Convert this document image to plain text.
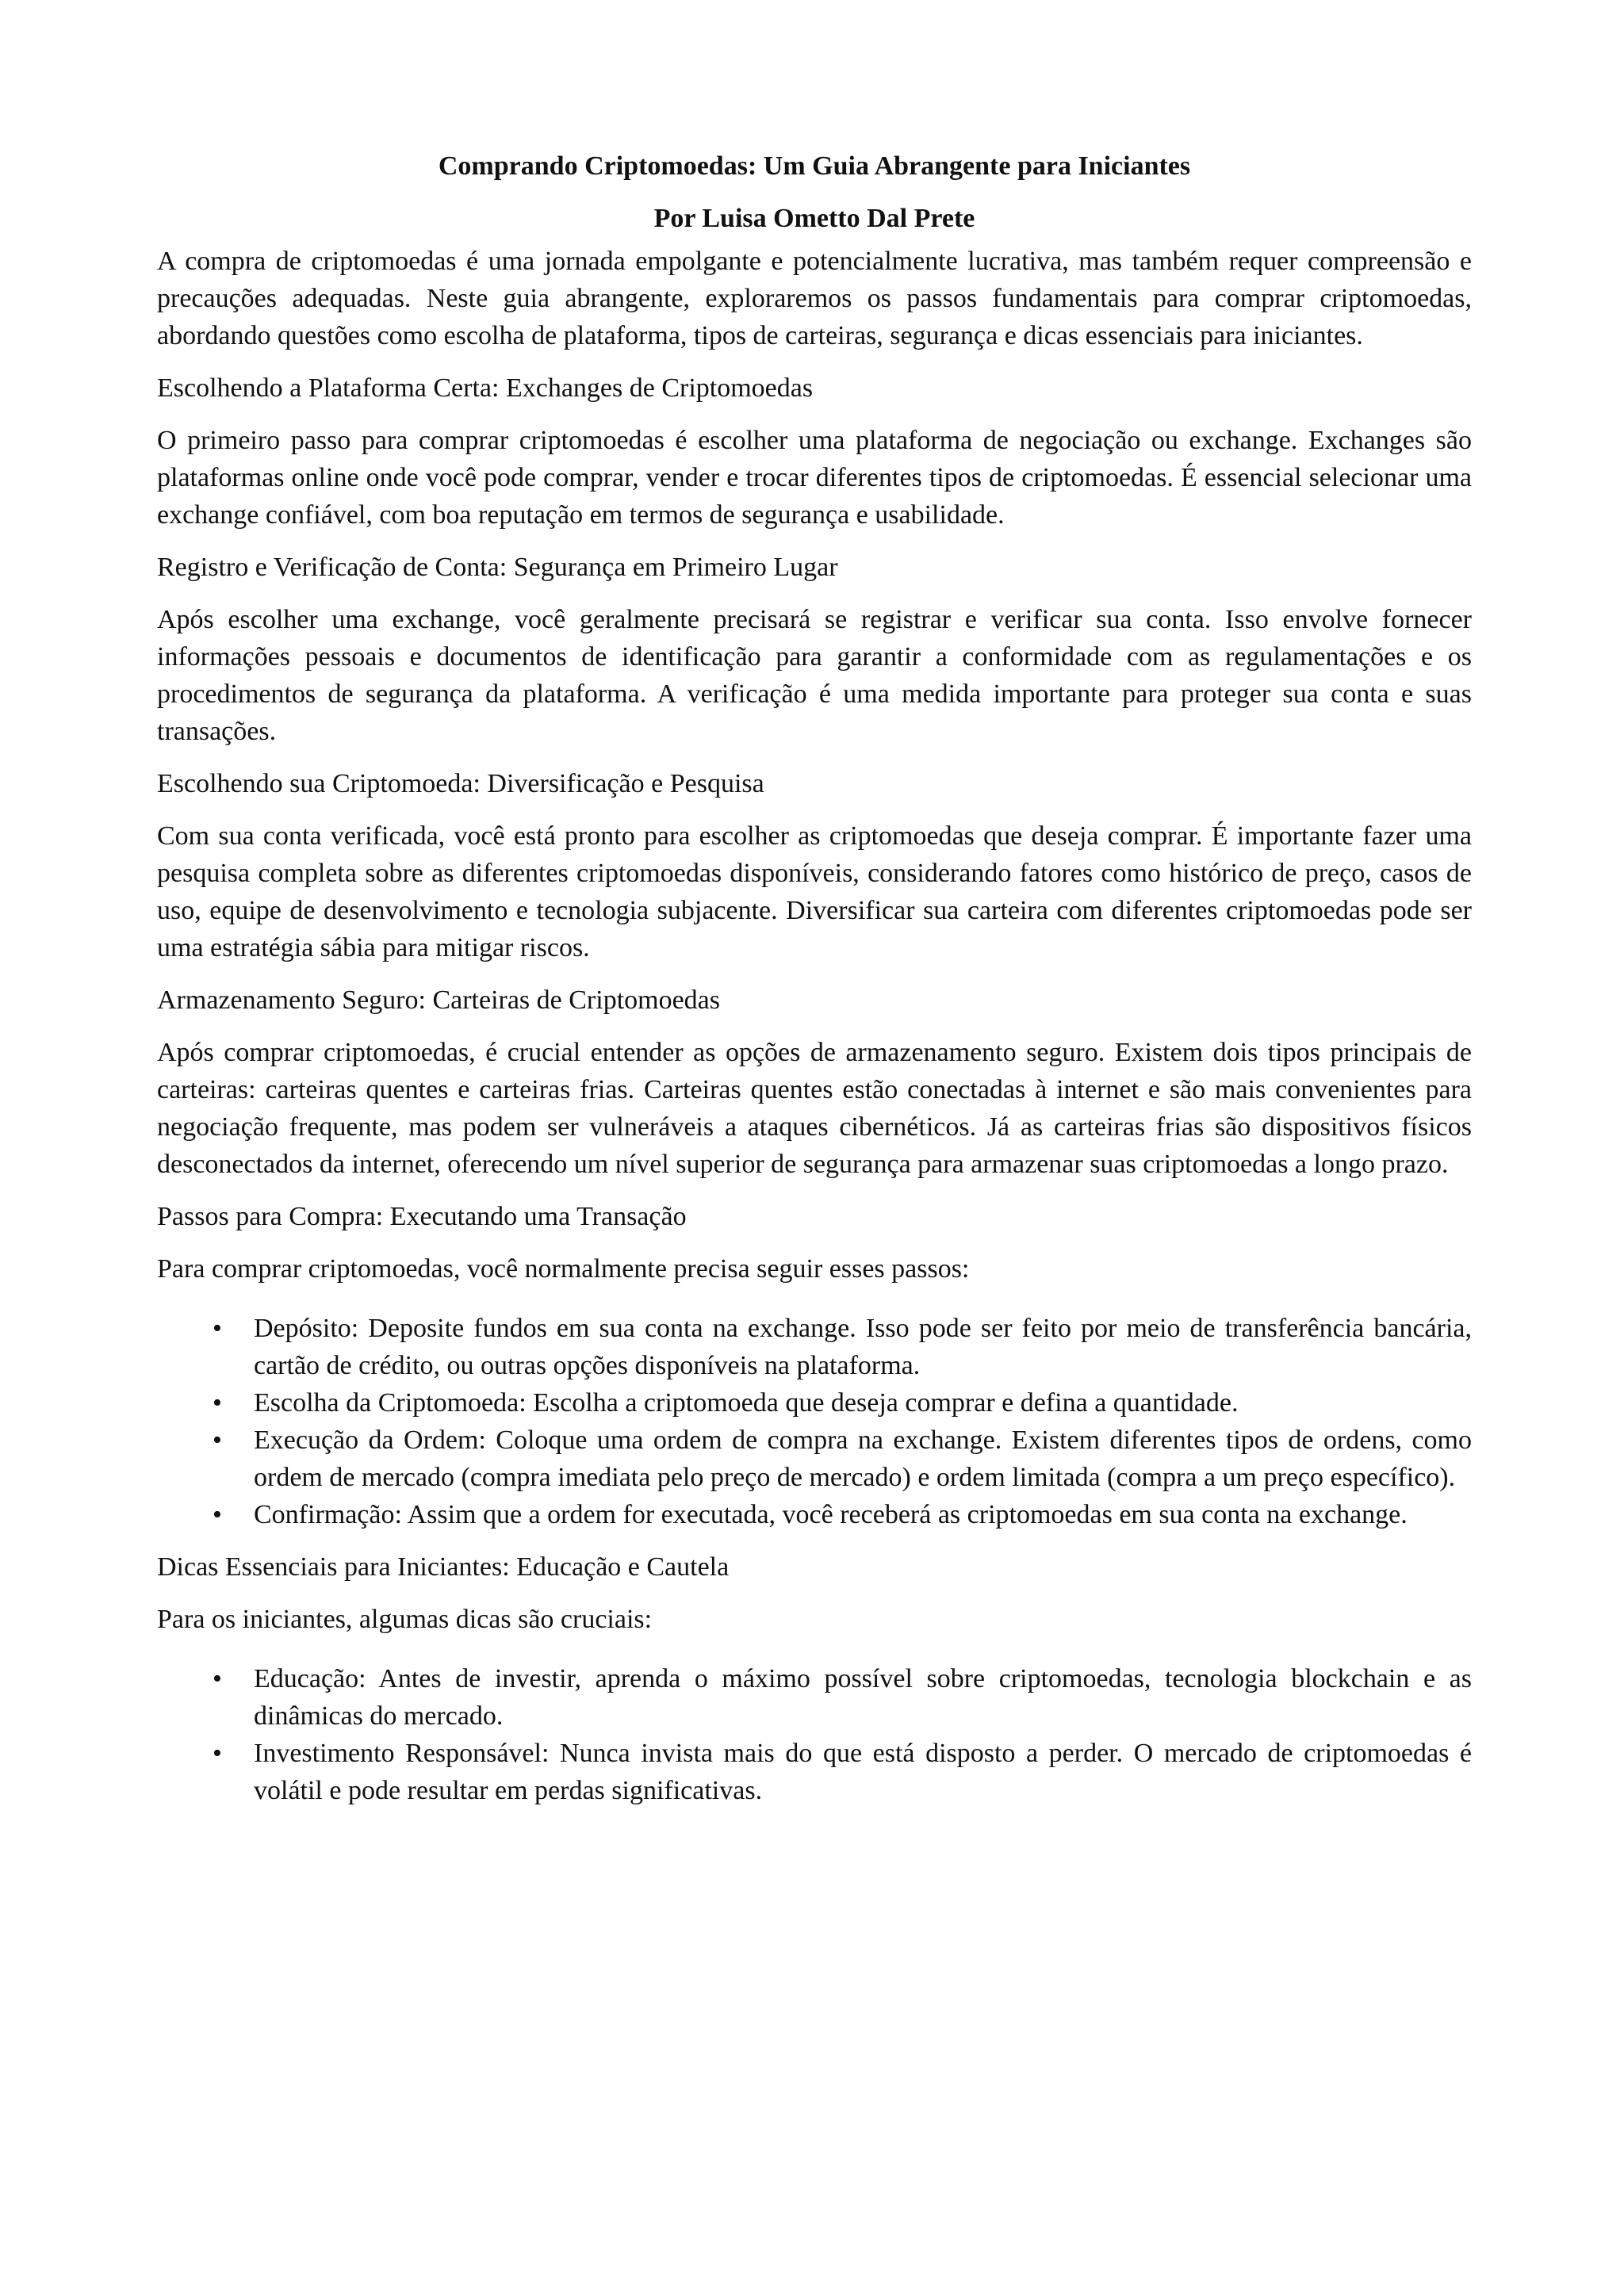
Comprando Criptomoedas: Um Guia Abrangente para Iniciantes

Por Luisa Ometto Dal Prete

A compra de criptomoedas é uma jornada empolgante e potencialmente lucrativa, mas também requer compreensão e precauções adequadas. Neste guia abrangente, exploraremos os passos fundamentais para comprar criptomoedas, abordando questões como escolha de plataforma, tipos de carteiras, segurança e dicas essenciais para iniciantes.

Escolhendo a Plataforma Certa: Exchanges de Criptomoedas

O primeiro passo para comprar criptomoedas é escolher uma plataforma de negociação ou exchange. Exchanges são plataformas online onde você pode comprar, vender e trocar diferentes tipos de criptomoedas. É essencial selecionar uma exchange confiável, com boa reputação em termos de segurança e usabilidade.

Registro e Verificação de Conta: Segurança em Primeiro Lugar

Após escolher uma exchange, você geralmente precisará se registrar e verificar sua conta. Isso envolve fornecer informações pessoais e documentos de identificação para garantir a conformidade com as regulamentações e os procedimentos de segurança da plataforma. A verificação é uma medida importante para proteger sua conta e suas transações.

Escolhendo sua Criptomoeda: Diversificação e Pesquisa

Com sua conta verificada, você está pronto para escolher as criptomoedas que deseja comprar. É importante fazer uma pesquisa completa sobre as diferentes criptomoedas disponíveis, considerando fatores como histórico de preço, casos de uso, equipe de desenvolvimento e tecnologia subjacente. Diversificar sua carteira com diferentes criptomoedas pode ser uma estratégia sábia para mitigar riscos.

Armazenamento Seguro: Carteiras de Criptomoedas

Após comprar criptomoedas, é crucial entender as opções de armazenamento seguro. Existem dois tipos principais de carteiras: carteiras quentes e carteiras frias. Carteiras quentes estão conectadas à internet e são mais convenientes para negociação frequente, mas podem ser vulneráveis a ataques cibernéticos. Já as carteiras frias são dispositivos físicos desconectados da internet, oferecendo um nível superior de segurança para armazenar suas criptomoedas a longo prazo.

Passos para Compra: Executando uma Transação

Para comprar criptomoedas, você normalmente precisa seguir esses passos:

• Depósito: Deposite fundos em sua conta na exchange. Isso pode ser feito por meio de transferência bancária, cartão de crédito, ou outras opções disponíveis na plataforma.
• Escolha da Criptomoeda: Escolha a criptomoeda que deseja comprar e defina a quantidade.
• Execução da Ordem: Coloque uma ordem de compra na exchange. Existem diferentes tipos de ordens, como ordem de mercado (compra imediata pelo preço de mercado) e ordem limitada (compra a um preço específico).
• Confirmação: Assim que a ordem for executada, você receberá as criptomoedas em sua conta na exchange.

Dicas Essenciais para Iniciantes: Educação e Cautela

Para os iniciantes, algumas dicas são cruciais:

• Educação: Antes de investir, aprenda o máximo possível sobre criptomoedas, tecnologia blockchain e as dinâmicas do mercado.
• Investimento Responsável: Nunca invista mais do que está disposto a perder. O mercado de criptomoedas é volátil e pode resultar em perdas significativas.
